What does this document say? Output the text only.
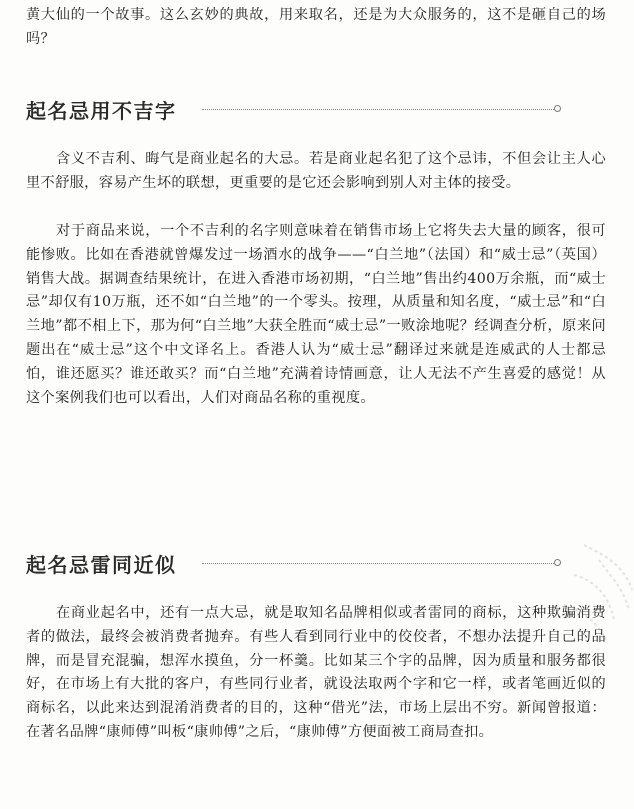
黄大仙的一个故事。这么玄妙的典故，用来取名，还是为大众服务的，这不是砸自己的场吗？

起名忌用不吉字

含义不吉利、晦气是商业起名的大忌。若是商业起名犯了这个忌讳，不但会让主人心里不舒服，容易产生坏的联想，更重要的是它还会影响到别人对主体的接受。

对于商品来说，一个不吉利的名字则意味着在销售市场上它将失去大量的顾客，很可能惨败。比如在香港就曾爆发过一场酒水的战争——“白兰地”（法国）和“威士忌”（英国）销售大战。据调查结果统计，在进入香港市场初期，“白兰地”售出约400万余瓶，而“威士忌”却仅有10万瓶，还不如“白兰地”的一个零头。按理，从质量和知名度，“威士忌”和“白兰地”都不相上下，那为何“白兰地”大获全胜而“威士忌”一败涂地呢？经调查分析，原来问题出在“威士忌”这个中文译名上。香港人认为“威士忌”翻译过来就是连威武的人士都忌怕，谁还愿买？谁还敢买？而“白兰地”充满着诗情画意，让人无法不产生喜爱的感觉！从这个案例我们也可以看出，人们对商品名称的重视度。

起名忌雷同近似

在商业起名中，还有一点大忌，就是取知名品牌相似或者雷同的商标，这种欺骗消费者的做法，最终会被消费者抛弃。有些人看到同行业中的佼佼者，不想办法提升自己的品牌，而是冒充混骗，想浑水摸鱼，分一杯羹。比如某三个字的品牌，因为质量和服务都很好，在市场上有大批的客户，有些同行业者，就设法取两个字和它一样，或者笔画近似的商标名，以此来达到混淆消费者的目的，这种“借光”法，市场上层出不穷。新闻曾报道：在著名品牌“康师傅”叫板“康帅傅”之后，“康帅傅”方便面被工商局查扣。
